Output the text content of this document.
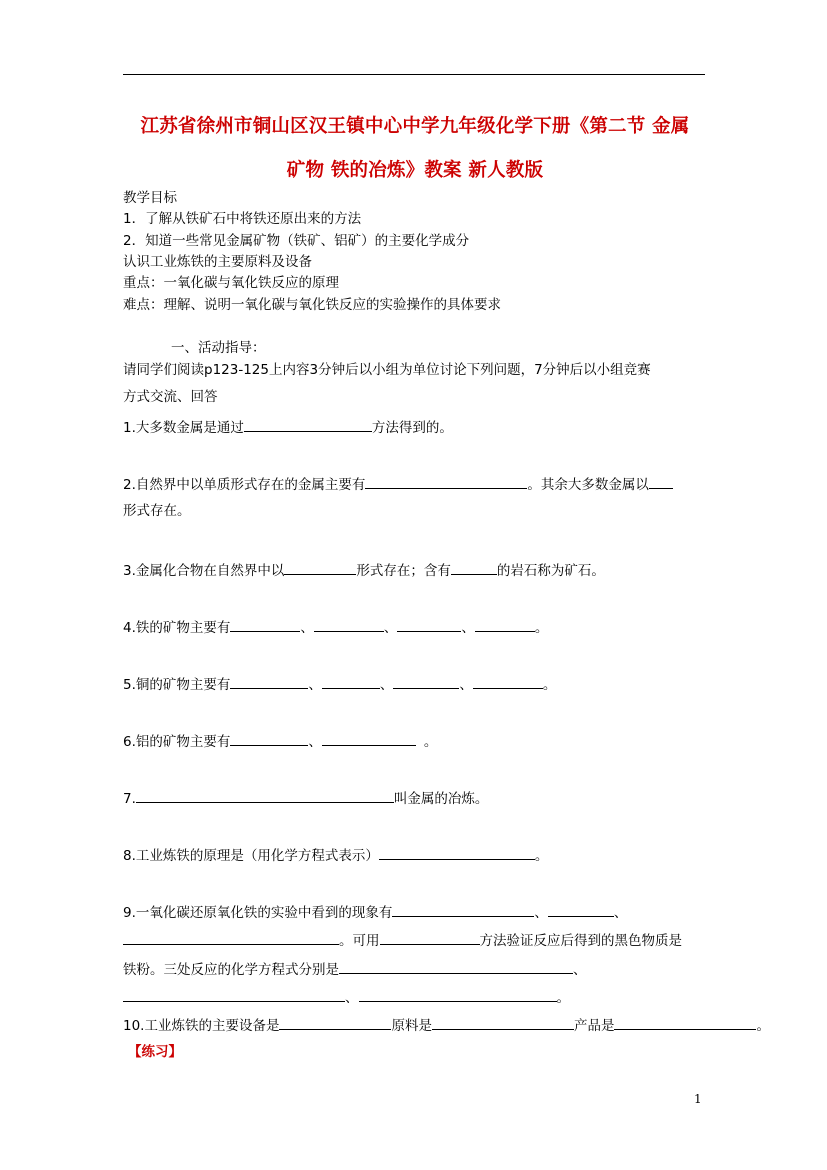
江苏省徐州市铜山区汉王镇中心中学九年级化学下册《第二节 金属
矿物 铁的冶炼》教案 新人教版
教学目标
1．了解从铁矿石中将铁还原出来的方法
2．知道一些常见金属矿物（铁矿、铝矿）的主要化学成分
认识工业炼铁的主要原料及设备
重点：一氧化碳与氧化铁反应的原理
难点：理解、说明一氧化碳与氧化铁反应的实验操作的具体要求
一、活动指导：
请同学们阅读p123-125上内容3分钟后以小组为单位讨论下列问题，7分钟后以小组竞赛
方式交流、回答
1.大多数金属是通过	方法得到的。
2.自然界中以单质形式存在的金属主要有	。其余大多数金属以
形式存在。
3.金属化合物在自然界中以	形式存在；含有	的岩石称为矿石。
4.铁的矿物主要有	、	、	、	。
5.铜的矿物主要有	、	、	、	。
6.铝的矿物主要有	、	。
7.	叫金属的冶炼。
8.工业炼铁的原理是（用化学方程式表示）	。
9.一氧化碳还原氧化铁的实验中看到的现象有	、	、
。可用	方法验证反应后得到的黑色物质是
铁粉。三处反应的化学方程式分别是	、
、	。
10.工业炼铁的主要设备是	原料是	产品是	。
【练习】
1
